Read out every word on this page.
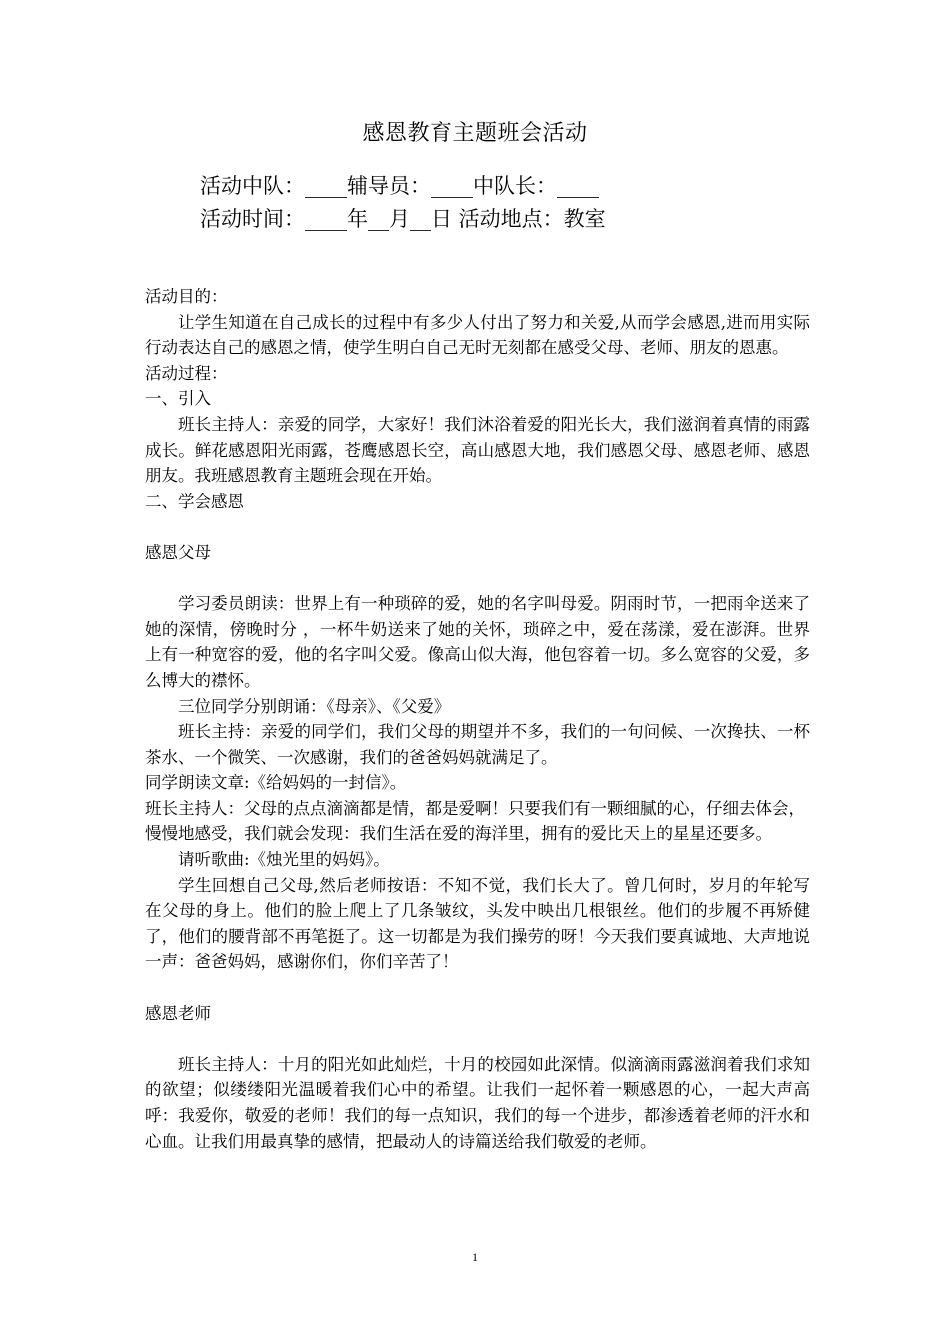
感恩教育主题班会活动
活动中队：____辅导员：____中队长：____
活动时间：____年__月__日 活动地点：教室

活动目的：

让学生知道在自己成长的过程中有多少人付出了努力和关爱,从而学会感恩,进而用实际行动表达自己的感恩之情，使学生明白自己无时无刻都在感受父母、老师、朋友的恩惠。

活动过程：

一、引入

班长主持人：亲爱的同学，大家好！我们沐浴着爱的阳光长大，我们滋润着真情的雨露成长。鲜花感恩阳光雨露，苍鹰感恩长空，高山感恩大地，我们感恩父母、感恩老师、感恩朋友。我班感恩教育主题班会现在开始。

二、学会感恩

感恩父母

学习委员朗读：世界上有一种琐碎的爱，她的名字叫母爱。阴雨时节，一把雨伞送来了她的深情，傍晚时分 ，一杯牛奶送来了她的关怀，琐碎之中，爱在荡漾，爱在澎湃。世界上有一种宽容的爱，他的名字叫父爱。像高山似大海，他包容着一切。多么宽容的父爱，多么博大的襟怀。

三位同学分别朗诵：《母亲》、《父爱》

班长主持：亲爱的同学们，我们父母的期望并不多，我们的一句问候、一次搀扶、一杯茶水、一个微笑、一次感谢，我们的爸爸妈妈就满足了。

同学朗读文章:《给妈妈的一封信》。

班长主持人：父母的点点滴滴都是情，都是爱啊！只要我们有一颗细腻的心，仔细去体会，慢慢地感受，我们就会发现：我们生活在爱的海洋里，拥有的爱比天上的星星还要多。

请听歌曲:《烛光里的妈妈》。

学生回想自己父母,然后老师按语：不知不觉，我们长大了。曾几何时，岁月的年轮写在父母的身上。他们的脸上爬上了几条皱纹，头发中映出几根银丝。他们的步履不再矫健了，他们的腰背部不再笔挺了。这一切都是为我们操劳的呀！今天我们要真诚地、大声地说一声：爸爸妈妈，感谢你们，你们辛苦了！

感恩老师

班长主持人：十月的阳光如此灿烂，十月的校园如此深情。似滴滴雨露滋润着我们求知的欲望；似缕缕阳光温暖着我们心中的希望。让我们一起怀着一颗感恩的心，一起大声高呼：我爱你，敬爱的老师！我们的每一点知识，我们的每一个进步，都渗透着老师的汗水和心血。让我们用最真挚的感情，把最动人的诗篇送给我们敬爱的老师。

1
